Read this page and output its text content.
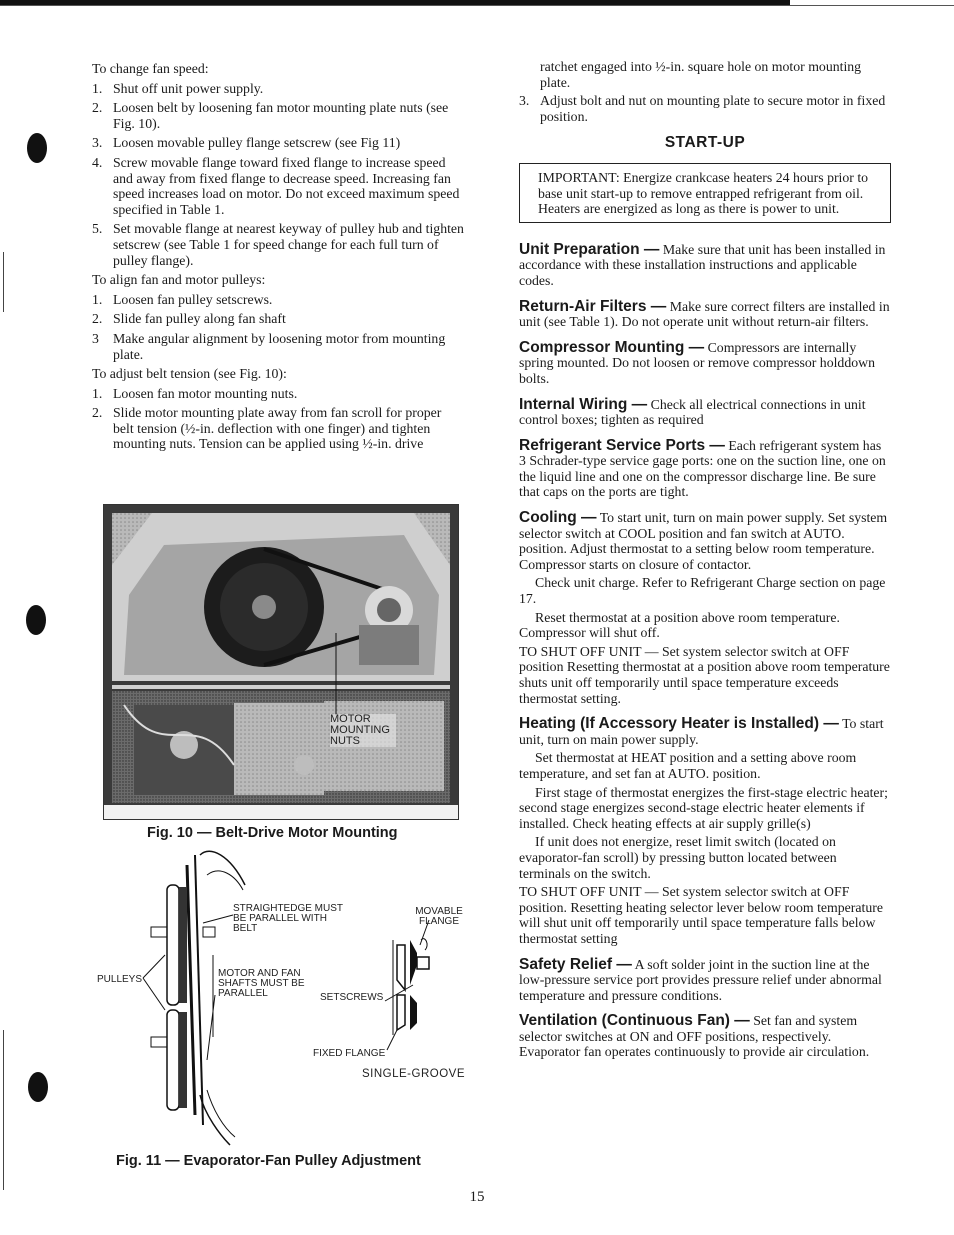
To change fan speed:

1. Shut off unit power supply.
2. Loosen belt by loosening fan motor mounting plate nuts (see Fig. 10).
3. Loosen movable pulley flange setscrew (see Fig 11)
4. Screw movable flange toward fixed flange to increase speed and away from fixed flange to decrease speed. Increasing fan speed increases load on motor. Do not exceed maximum speed specified in Table 1.
5. Set movable flange at nearest keyway of pulley hub and tighten setscrew (see Table 1 for speed change for each full turn of pulley flange).

To align fan and motor pulleys:

1. Loosen fan pulley setscrews.
2. Slide fan pulley along fan shaft
3 Make angular alignment by loosening motor from mounting plate.

To adjust belt tension (see Fig. 10):

1. Loosen fan motor mounting nuts.
2. Slide motor mounting plate away from fan scroll for proper belt tension (½-in. deflection with one finger) and tighten mounting nuts. Tension can be applied using ½-in. drive
MOTOR MOUNTING NUTS
Fig. 10 — Belt-Drive Motor Mounting
STRAIGHTEDGE MUST BE PARALLEL WITH BELT
MOVABLE FLANGE
MOTOR AND FAN SHAFTS MUST BE PARALLEL
PULLEYS
SETSCREWS
FIXED FLANGE
SINGLE-GROOVE
Fig. 11 — Evaporator-Fan Pulley Adjustment

ratchet engaged into ½-in. square hole on motor mounting plate.

3. Adjust bolt and nut on mounting plate to secure motor in fixed position.
START-UP

IMPORTANT: Energize crankcase heaters 24 hours prior to base unit start-up to remove entrapped refrigerant from oil. Heaters are energized as long as there is power to unit.

Unit Preparation — Make sure that unit has been installed in accordance with these installation instructions and applicable codes.

Return-Air Filters — Make sure correct filters are installed in unit (see Table 1). Do not operate unit without return-air filters.

Compressor Mounting — Compressors are internally spring mounted. Do not loosen or remove compressor holddown bolts.

Internal Wiring — Check all electrical connections in unit control boxes; tighten as required

Refrigerant Service Ports — Each refrigerant system has 3 Schrader-type service gage ports: one on the suction line, one on the liquid line and one on the compressor discharge line. Be sure that caps on the ports are tight.

Cooling — To start unit, turn on main power supply. Set system selector switch at COOL position and fan switch at AUTO. position. Adjust thermostat to a setting below room temperature. Compressor starts on closure of contactor.

Check unit charge. Refer to Refrigerant Charge section on page 17.

Reset thermostat at a position above room temperature. Compressor will shut off.

TO SHUT OFF UNIT — Set system selector switch at OFF position Resetting thermostat at a position above room temperature shuts unit off temporarily until space temperature exceeds thermostat setting.

Heating (If Accessory Heater is Installed) — To start unit, turn on main power supply.

Set thermostat at HEAT position and a setting above room temperature, and set fan at AUTO. position.

First stage of thermostat energizes the first-stage electric heater; second stage energizes second-stage electric heater elements if installed. Check heating effects at air supply grille(s)

If unit does not energize, reset limit switch (located on evaporator-fan scroll) by pressing button located between terminals on the switch.

TO SHUT OFF UNIT — Set system selector switch at OFF position. Resetting heating selector lever below room temperature will shut unit off temporarily until space temperature falls below thermostat setting

Safety Relief — A soft solder joint in the suction line at the low-pressure service port provides pressure relief under abnormal temperature and pressure conditions.

Ventilation (Continuous Fan) — Set fan and system selector switches at ON and OFF positions, respectively. Evaporator fan operates continuously to provide air circulation.

15
